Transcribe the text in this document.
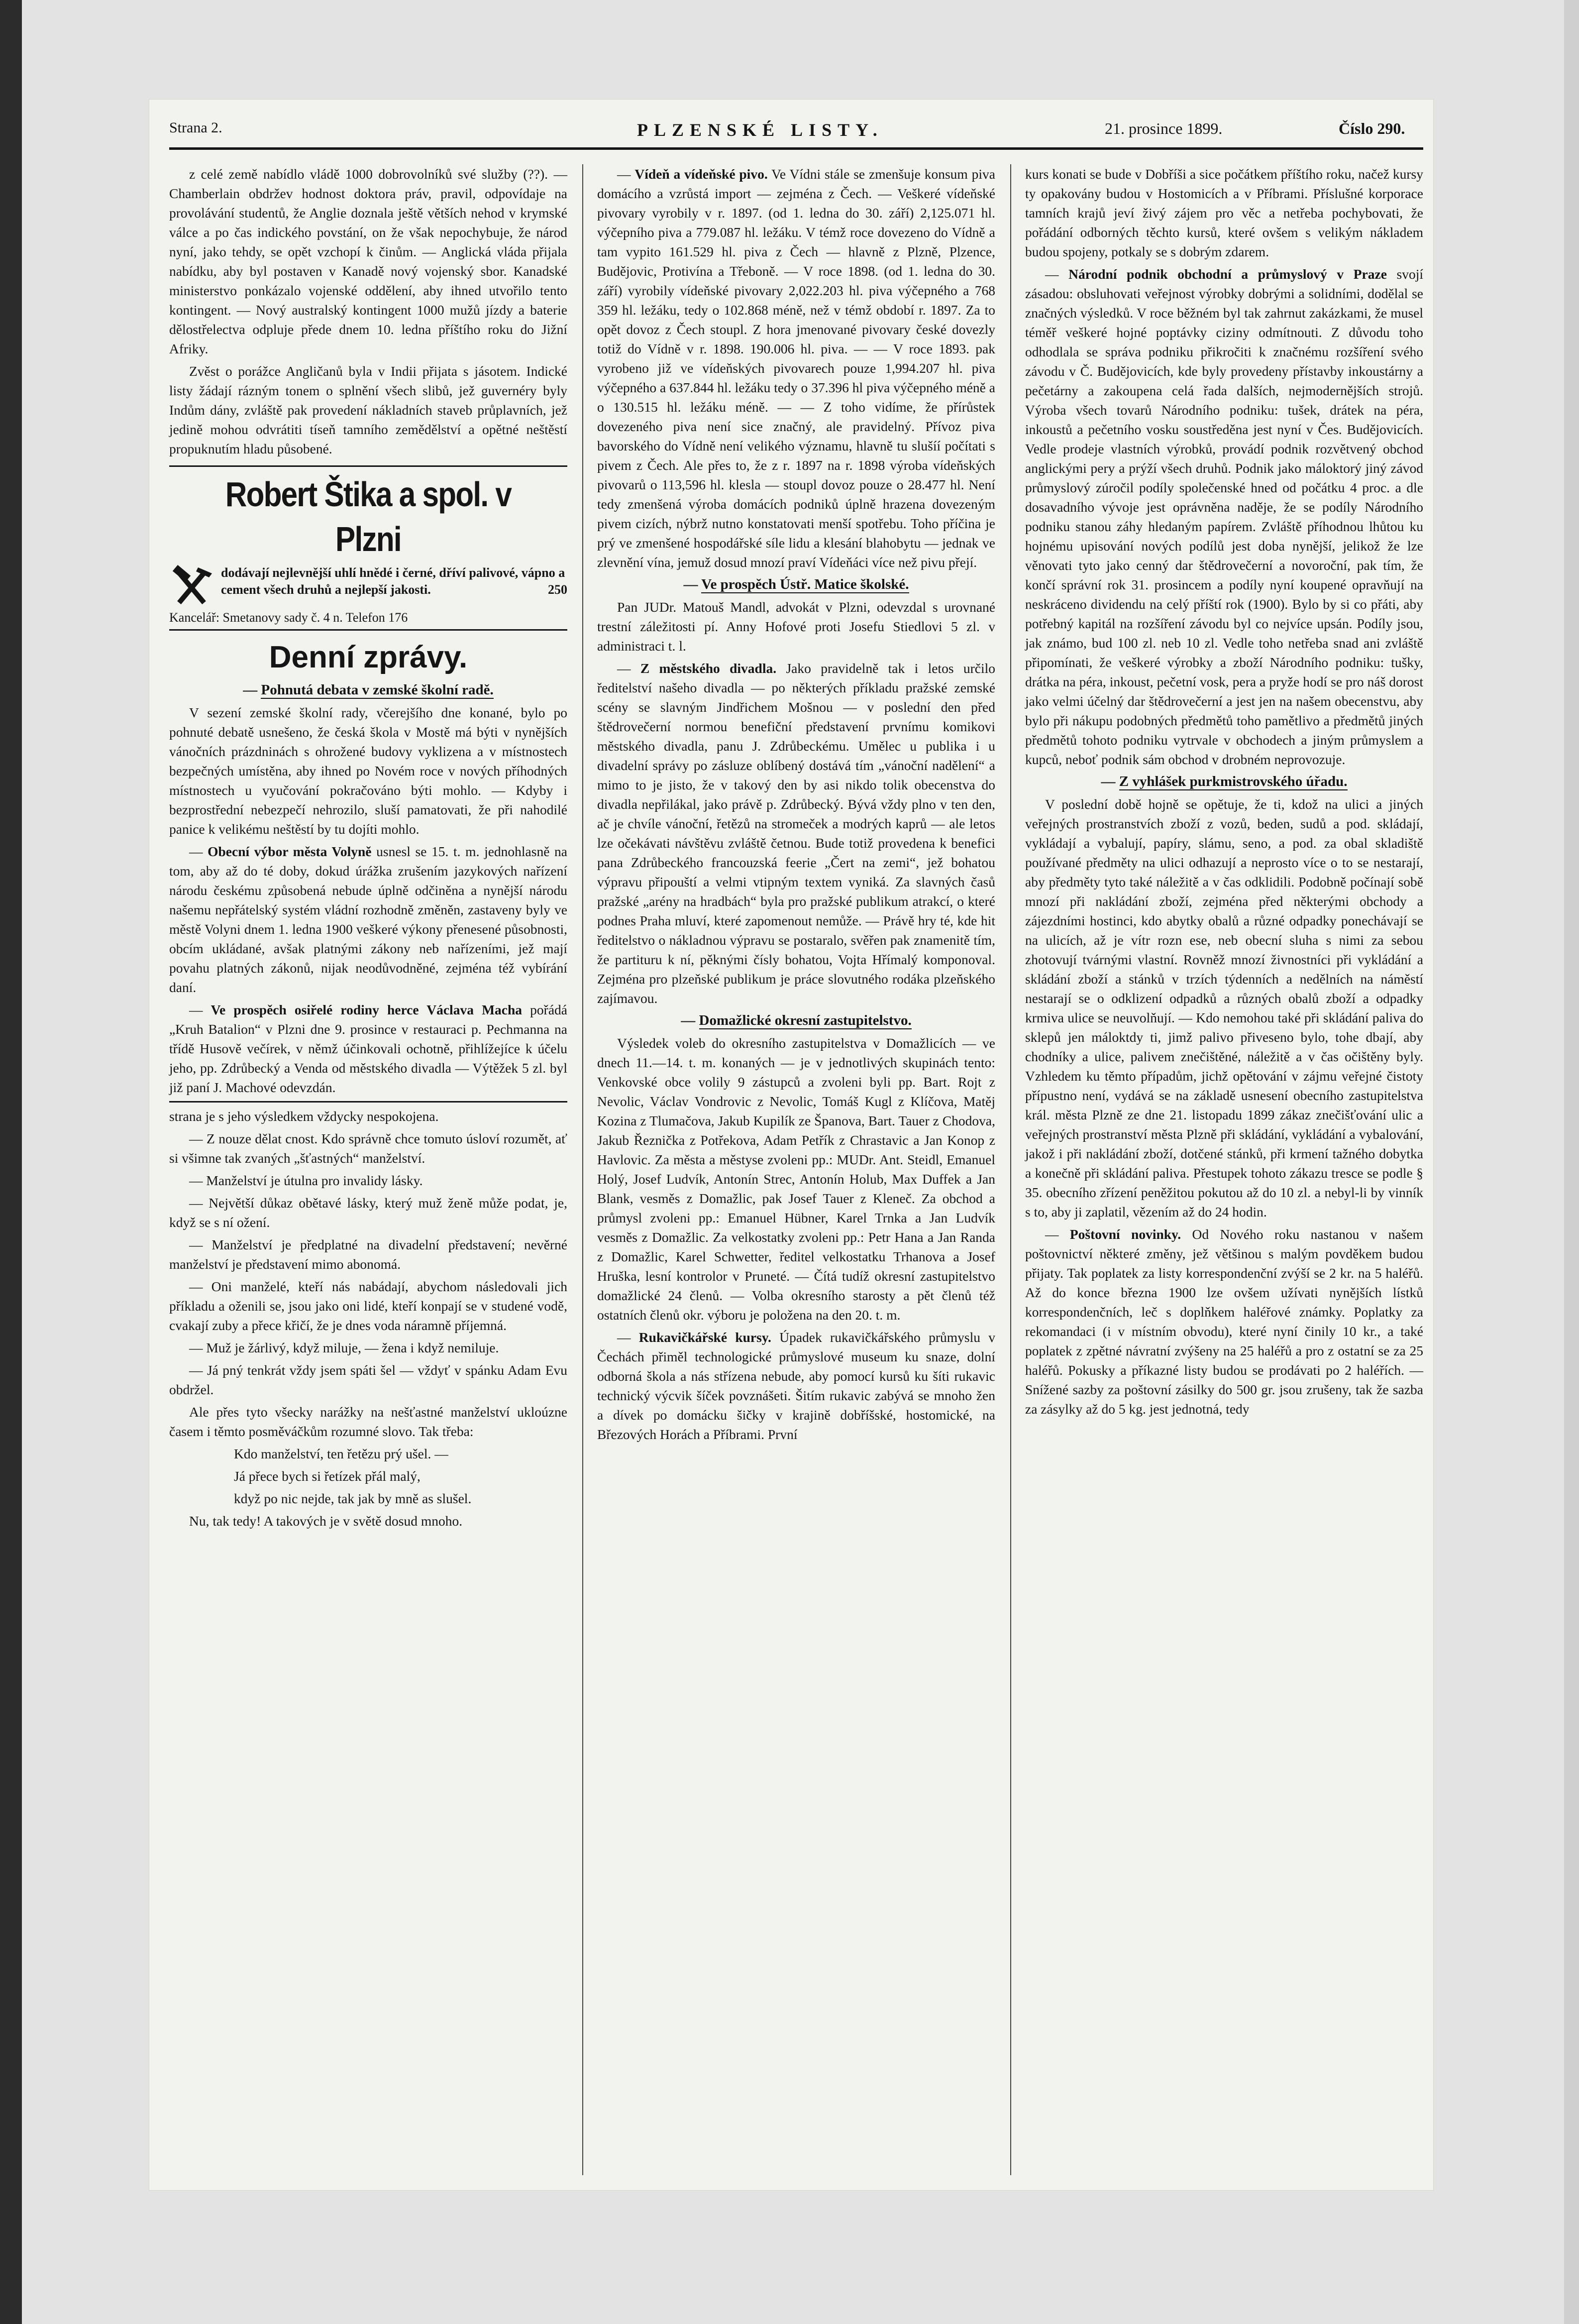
Strana 2.	PLZENSKÉ LISTY.	21. prosince 1899.	Číslo 290.

z celé země nabídlo vládě 1000 dobrovolníků své služby (??). — Chamberlain obdržev hodnost doktora práv, pravil, odpovídaje na provolávání studentů, že Anglie doznala ještě větších nehod v krymské válce a po čas indického povstání, on že však nepochybuje, že národ nyní, jako tehdy, se opět vzchopí k činům. — Anglická vláda přijala nabídku, aby byl postaven v Kanadě nový vojenský sbor. Kanadské ministerstvo ponkázalo vojenské oddělení, aby ihned utvořilo tento kontingent. — Nový australský kontingent 1000 mužů jízdy a baterie dělostřelectva odpluje přede dnem 10. ledna příštího roku do Jižní Afriky.

Zvěst o porážce Angličanů byla v Indii přijata s jásotem. Indické listy žádají rázným tonem o splnění všech slibů, jež guvernéry byly Indům dány, zvláště pak provedení nákladních staveb průplavních, jež jedině mohou odvrátiti tíseň tamního zemědělství a opětné neštěstí propuknutím hladu působené.

Robert Štika a spol. v Plzni
dodávají nejlevnější uhlí hnědé i černé, dříví palivové, vápno a cement všech druhů a nejlepší jakosti.	250
Kancelář: Smetanovy sady č. 4 n. Telefon 176
Denní zprávy.

— Pohnutá debata v zemské školní radě.

V sezení zemské školní rady, včerejšího dne konané, bylo po pohnuté debatě usnešeno, že česká škola v Mostě má býti v nynějších vánočních prázdninách s ohrožené budovy vyklizena a v místnostech bezpečných umístěna, aby ihned po Novém roce v nových příhodných místnostech u vyučování pokračováno býti mohlo. — Kdyby i bezprostřední nebezpečí nehrozilo, sluší pamatovati, že při nahodilé panice k velikému neštěstí by tu dojíti mohlo.

— Obecní výbor města Volyně usnesl se 15. t. m. jednohlasně na tom, aby až do té doby, dokud úrážka zrušením jazykových nařízení národu českému způsobená nebude úplně odčiněna a nynější národu našemu nepřátelský systém vládní rozhodně změněn, zastaveny byly ve městě Volyni dnem 1. ledna 1900 veškeré výkony přenesené působnosti, obcím ukládané, avšak platnými zákony neb nařízeními, jež mají povahu platných zákonů, nijak neodůvodněné, zejména též vybírání daní.

— Ve prospěch osiřelé rodiny herce Václava Macha pořádá „Kruh Batalion“ v Plzni dne 9. prosince v restauraci p. Pechmanna na třídě Husově večírek, v němž účinkovali ochotně, přihlížejíce k účelu jeho, pp. Zdrůbecký a Venda od městského divadla — Výtěžek 5 zl. byl již paní J. Machové odevzdán.

strana je s jeho výsledkem vždycky nespokojena.

— Z nouze dělat cnost. Kdo správně chce tomuto úsloví rozumět, ať si všimne tak zvaných „šťastných“ manželství.

— Manželství je útulna pro invalidy lásky.

— Největší důkaz obětavé lásky, který muž ženě může podat, je, když se s ní ožení.

— Manželství je předplatné na divadelní představení; nevěrné manželství je představení mimo abonomá.

— Oni manželé, kteří nás nabádají, abychom následovali jich příkladu a oženili se, jsou jako oni lidé, kteří konpají se v studené vodě, cvakají zuby a přece křičí, že je dnes voda náramně příjemná.

— Muž je žárlivý, když miluje, — žena i když nemiluje.

— Já pný tenkrát vždy jsem spáti šel — vždyť v spánku Adam Evu obdržel.

Ale přes tyto všecky narážky na nešťastné manželství ukloúzne časem i těmto posměváčkům rozumné slovo. Tak třeba:

Kdo manželství, ten řetězu prý ušel. —

Já přece bych si řetízek přál malý,

když po nic nejde, tak jak by mně as slušel.

Nu, tak tedy! A takových je v světě dosud mnoho.

— Vídeň a vídeňské pivo. Ve Vídni stále se zmenšuje konsum piva domácího a vzrůstá import — zejména z Čech. — Veškeré vídeňské pivovary vyrobily v r. 1897. (od 1. ledna do 30. září) 2,125.071 hl. výčepního piva a 779.087 hl. ležáku. V témž roce dovezeno do Vídně a tam vypito 161.529 hl. piva z Čech — hlavně z Plzně, Plzence, Budějovic, Protivína a Třeboně. — V roce 1898. (od 1. ledna do 30. září) vyrobily vídeňské pivovary 2,022.203 hl. piva výčepného a 768 359 hl. ležáku, tedy o 102.868 méně, než v témž období r. 1897. Za to opět dovoz z Čech stoupl. Z hora jmenované pivovary české dovezly totiž do Vídně v r. 1898. 190.006 hl. piva. — — V roce 1893. pak vyrobeno již ve vídeňských pivovarech pouze 1,994.207 hl. piva výčepného a 637.844 hl. ležáku tedy o 37.396 hl piva výčepného méně a o 130.515 hl. ležáku méně. — — Z toho vidíme, že přírůstek dovezeného piva není sice značný, ale pravidelný. Přívoz piva bavorského do Vídně není velikého významu, hlavně tu slušíí počítati s pivem z Čech. Ale přes to, že z r. 1897 na r. 1898 výroba vídeňských pivovarů o 113,596 hl. klesla — stoupl dovoz pouze o 28.477 hl. Není tedy zmenšená výroba domácích podniků úplně hrazena dovezeným pivem cizích, nýbrž nutno konstatovati menší spotřebu. Toho příčina je prý ve zmenšené hospodářské síle lidu a klesání blahobytu — jednak ve zlevnění vína, jemuž dosud mnozí praví Vídeňáci více než pivu přejí.

— Ve prospěch Ústř. Matice školské.

Pan JUDr. Matouš Mandl, advokát v Plzni, odevzdal s urovnané trestní záležitosti pí. Anny Hofové proti Josefu Stiedlovi 5 zl. v administraci t. l.

— Z městského divadla. Jako pravidelně tak i letos určilo ředitelství našeho divadla — po některých příkladu pražské zemské scény se slavným Jindřichem Mošnou — v poslední den před štědrovečerní normou benefiční představení prvnímu komikovi městského divadla, panu J. Zdrůbeckému. Umělec u publika i u divadelní správy po zásluze oblíbený dostává tím „vánoční nadělení“ a mimo to je jisto, že v takový den by asi nikdo tolik obecenstva do divadla nepřilákal, jako právě p. Zdrůbecký. Bývá vždy plno v ten den, ač je chvíle vánoční, řetězů na stromeček a modrých kaprů — ale letos lze očekávati návštěvu zvláště četnou. Bude totiž provedena k benefici pana Zdrůbeckého francouzská feerie „Čert na zemi“, jež bohatou výpravu připouští a velmi vtipným textem vyniká. Za slavných časů pražské „arény na hradbách“ byla pro pražské publikum atrakcí, o které podnes Praha mluví, které zapomenout nemůže. — Právě hry té, kde hit ředitelstvo o nákladnou výpravu se postaralo, svěřen pak znamenitě tím, že partituru k ní, pěknými čísly bohatou, Vojta Hřímalý komponoval. Zejména pro plzeňské publikum je práce slovutného rodáka plzeňského zajímavou.

— Domažlické okresní zastupitelstvo.

Výsledek voleb do okresního zastupitelstva v Domažlicích — ve dnech 11.—14. t. m. konaných — je v jednotlivých skupinách tento: Venkovské obce volily 9 zástupců a zvoleni byli pp. Bart. Rojt z Nevolic, Václav Vondrovic z Nevolic, Tomáš Kugl z Klíčova, Matěj Kozina z Tlumačova, Jakub Kupilík ze Španova, Bart. Tauer z Chodova, Jakub Řeznička z Potřekova, Adam Petřík z Chrastavic a Jan Konop z Havlovic. Za města a městyse zvoleni pp.: MUDr. Ant. Steidl, Emanuel Holý, Josef Ludvík, Antonín Strec, Antonín Holub, Max Duffek a Jan Blank, vesměs z Domažlic, pak Josef Tauer z Kleneč. Za obchod a průmysl zvoleni pp.: Emanuel Hübner, Karel Trnka a Jan Ludvík vesměs z Domažlic. Za velkostatky zvoleni pp.: Petr Hana a Jan Randa z Domažlic, Karel Schwetter, ředitel velkostatku Trhanova a Josef Hruška, lesní kontrolor v Pruneté. — Čítá tudíž okresní zastupitelstvo domažlické 24 členů. — Volba okresního starosty a pět členů též ostatních členů okr. výboru je položena na den 20. t. m.

— Rukavičkářské kursy. Úpadek rukavičkářského průmyslu v Čechách přiměl technologické průmyslové museum ku snaze, dolní odborná škola a nás střízena nebude, aby pomocí kursů ku šíti rukavic technický výcvik šíček povznášeti. Šitím rukavic zabývá se mnoho žen a dívek po domácku šičky v krajině dobříšské, hostomické, na Březových Horách a Příbrami. První

kurs konati se bude v Dobříši a sice počátkem příštího roku, načež kursy ty opakovány budou v Hostomicích a v Příbrami. Příslušné korporace tamních krajů jeví živý zájem pro věc a netřeba pochybovati, že pořádání odborných těchto kursů, které ovšem s velikým nákladem budou spojeny, potkaly se s dobrým zdarem.

— Národní podnik obchodní a průmyslový v Praze svojí zásadou: obsluhovati veřejnost výrobky dobrými a solidními, dodělal se značných výsledků. V roce běžném byl tak zahrnut zakázkami, že musel téměř veškeré hojné poptávky ciziny odmítnouti. Z důvodu toho odhodlala se správa podniku přikročiti k značnému rozšíření svého závodu v Č. Budějovicích, kde byly provedeny přístavby inkoustárny a pečetárny a zakoupena celá řada dalších, nejmodernějších strojů. Výroba všech tovarů Národního podniku: tušek, drátek na péra, inkoustů a pečetního vosku soustředěna jest nyní v Čes. Budějovicích. Vedle prodeje vlastních výrobků, provádí podnik rozvětvený obchod anglickými pery a prýží všech druhů. Podnik jako máloktorý jiný závod průmyslový zúročil podíly společenské hned od počátku 4 proc. a dle dosavadního vývoje jest oprávněna naděje, že se podíly Národního podniku stanou záhy hledaným papírem. Zvláště příhodnou lhůtou ku hojnému upisování nových podílů jest doba nynější, jelikož že lze věnovati tyto jako cenný dar štědrovečerní a novoroční, pak tím, že končí správní rok 31. prosincem a podíly nyní koupené opravňují na neskráceno dividendu na celý příští rok (1900). Bylo by si co přáti, aby potřebný kapitál na rozšíření závodu byl co nejvíce upsán. Podíly jsou, jak známo, bud 100 zl. neb 10 zl. Vedle toho netřeba snad ani zvláště připomínati, že veškeré výrobky a zboží Národního podniku: tušky, drátka na péra, inkoust, pečetní vosk, pera a pryže hodí se pro náš dorost jako velmi účelný dar štědrovečerní a jest jen na našem obecenstvu, aby bylo při nákupu podobných předmětů toho pamětlivo a předmětů jiných předmětů tohoto podniku vytrvale v obchodech a jiným průmyslem a kupců, neboť podnik sám obchod v drobném neprovozuje.

— Z vyhlášek purkmistrovského úřadu.

V poslední době hojně se opětuje, že ti, kdož na ulici a jiných veřejných prostranstvích zboží z vozů, beden, sudů a pod. skládají, vykládají a vybalují, papíry, slámu, seno, a pod. za obal skladiště používané předměty na ulici odhazují a neprosto více o to se nestarají, aby předměty tyto také náležitě a v čas odklidili. Podobně počínají sobě mnozí při nakládání zboží, zejména před některými obchody a zájezdními hostinci, kdo abytky obalů a různé odpadky ponechávají se na ulicích, až je vítr rozn ese, neb obecní sluha s nimi za sebou zhotovují tvárnými vlastní. Rovněž mnozí živnostníci při vykládání a skládání zboží a stánků v trzích týdenních a nedělních na náměstí nestarají se o odklizení odpadků a různých obalů zboží a odpadky krmiva ulice se neuvolňují. — Kdo nemohou také při skládání paliva do sklepů jen máloktdy ti, jimž palivo přiveseno bylo, tohe dbají, aby chodníky a ulice, palivem znečištěné, náležitě a v čas očištěny byly. Vzhledem ku těmto případům, jichž opětování v zájmu veřejné čistoty přípustno není, vydává se na základě usnesení obecního zastupitelstva král. města Plzně ze dne 21. listopadu 1899 zákaz znečišťování ulic a veřejných prostranství města Plzně při skládání, vykládání a vybalování, jakož i při nakládání zboží, dotčené stánků, při krmení tažného dobytka a konečně při skládání paliva. Přestupek tohoto zákazu tresce se podle § 35. obecního zřízení peněžitou pokutou až do 10 zl. a nebyl-li by vinník s to, aby ji zaplatil, vězením až do 24 hodin.

— Poštovní novinky. Od Nového roku nastanou v našem poštovnictví některé změny, jež většinou s malým povděkem budou přijaty. Tak poplatek za listy korrespondenční zvýší se 2 kr. na 5 haléřů. Až do konce března 1900 lze ovšem užívati nynějších lístků korrespondenčních, leč s doplňkem haléřové známky. Poplatky za rekomandaci (i v místním obvodu), které nyní činily 10 kr., a také poplatek z zpětné návratní zvýšeny na 25 haléřů a pro z ostatní se za 25 haléřů. Pokusky a příkazné listy budou se prodávati po 2 haléřích. — Snížené sazby za poštovní zásilky do 500 gr. jsou zrušeny, tak že sazba za zásylky až do 5 kg. jest jednotná, tedy
